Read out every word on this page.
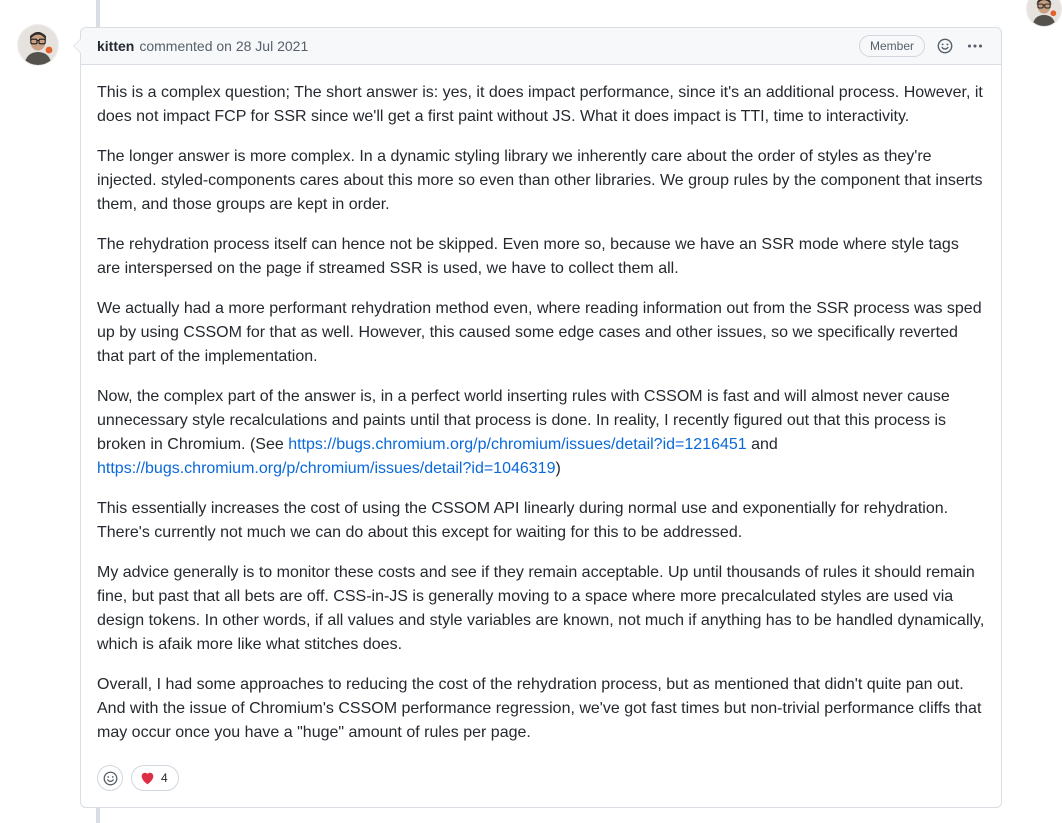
kitten commented on 28 Jul 2021	Member

This is a complex question; The short answer is: yes, it does impact performance, since it's an additional process. However, it does not impact FCP for SSR since we'll get a first paint without JS. What it does impact is TTI, time to interactivity.

The longer answer is more complex. In a dynamic styling library we inherently care about the order of styles as they're injected. styled-components cares about this more so even than other libraries. We group rules by the component that inserts them, and those groups are kept in order.

The rehydration process itself can hence not be skipped. Even more so, because we have an SSR mode where style tags are interspersed on the page if streamed SSR is used, we have to collect them all.

We actually had a more performant rehydration method even, where reading information out from the SSR process was sped up by using CSSOM for that as well. However, this caused some edge cases and other issues, so we specifically reverted that part of the implementation.

Now, the complex part of the answer is, in a perfect world inserting rules with CSSOM is fast and will almost never cause unnecessary style recalculations and paints until that process is done. In reality, I recently figured out that this process is broken in Chromium. (See https://bugs.chromium.org/p/chromium/issues/detail?id=1216451 and https://bugs.chromium.org/p/chromium/issues/detail?id=1046319)

This essentially increases the cost of using the CSSOM API linearly during normal use and exponentially for rehydration. There's currently not much we can do about this except for waiting for this to be addressed.

My advice generally is to monitor these costs and see if they remain acceptable. Up until thousands of rules it should remain fine, but past that all bets are off. CSS-in-JS is generally moving to a space where more precalculated styles are used via design tokens. In other words, if all values and style variables are known, not much if anything has to be handled dynamically, which is afaik more like what stitches does.

Overall, I had some approaches to reducing the cost of the rehydration process, but as mentioned that didn't quite pan out. And with the issue of Chromium's CSSOM performance regression, we've got fast times but non-trivial performance cliffs that may occur once you have a "huge" amount of rules per page.

4
